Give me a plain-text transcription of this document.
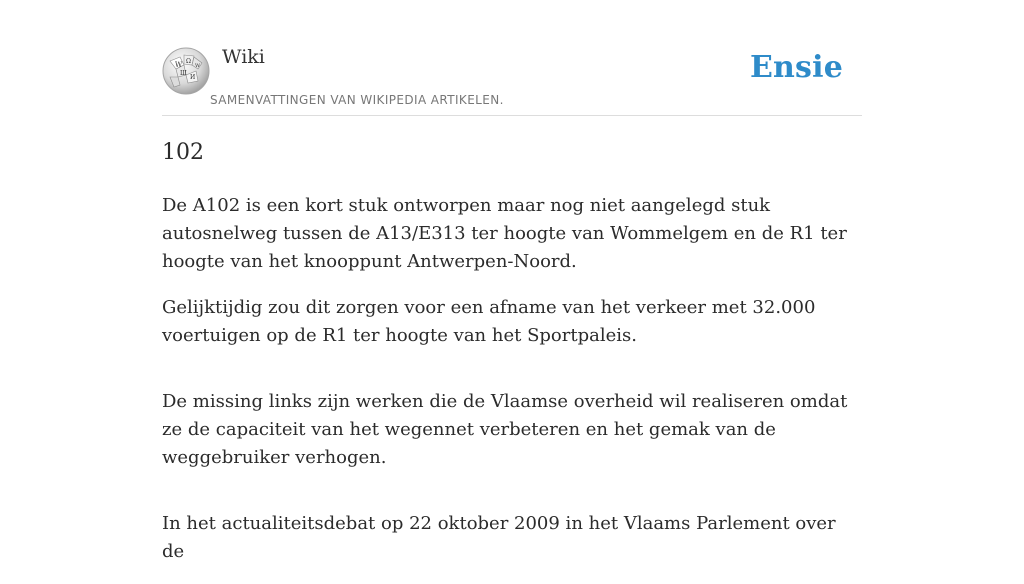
W Ω
Ш
И
W Wiki
SAMENVATTINGEN VAN WIKIPEDIA ARTIKELEN.
Ensie
102

De A102 is een kort stuk ontworpen maar nog niet aangelegd stuk autosnelweg tussen de A13/E313 ter hoogte van Wommelgem en de R1 ter hoogte van het knooppunt Antwerpen-Noord.

Gelijktijdig zou dit zorgen voor een afname van het verkeer met 32.000 voertuigen op de R1 ter hoogte van het Sportpaleis.

De missing links zijn werken die de Vlaamse overheid wil realiseren omdat ze de capaciteit van het wegennet verbeteren en het gemak van de weggebruiker verhogen.

In het actualiteitsdebat op 22 oktober 2009 in het Vlaams Parlement over de
